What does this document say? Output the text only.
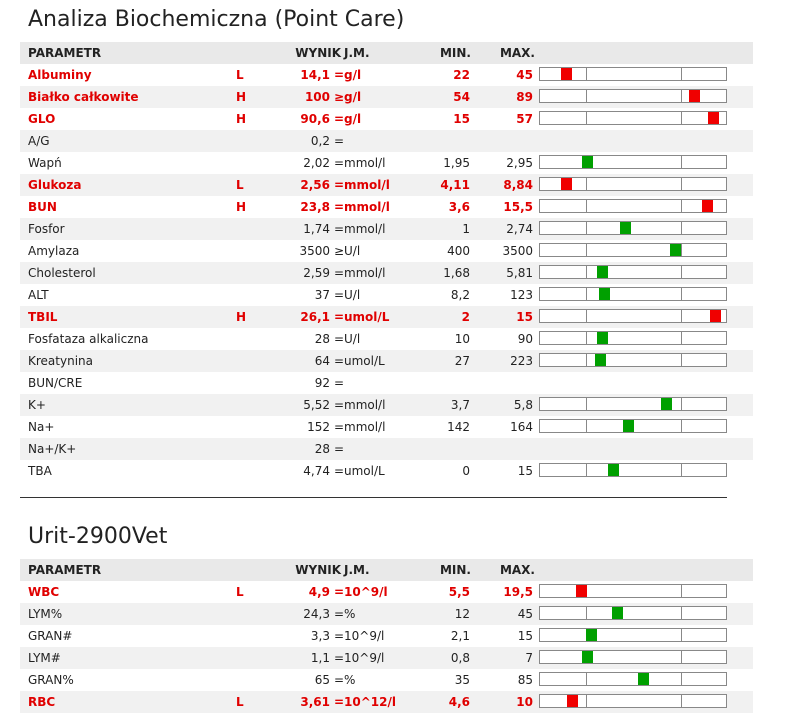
Analiza Biochemiczna (Point Care)
PARAMETR	WYNIK J.M.	MIN. MAX.
Albuminy	L	14,1 = g/l	22	45
Białko całkowite	H	100 ≥ g/l	54	89
GLO	H	90,6 = g/l	15	57
A/G	0,2 =
Wapń	2,02 = mmol/l	1,95	2,95
Glukoza	L	2,56 = mmol/l	4,11	8,84
BUN	H	23,8 = mmol/l	3,6	15,5
Fosfor	1,74 = mmol/l	1	2,74
Amylaza	3500 ≥ U/l	400	3500
Cholesterol	2,59 = mmol/l	1,68	5,81
ALT	37 = U/l	8,2	123
TBIL	H	26,1 = umol/L	2	15
Fosfataza alkaliczna	28 = U/l	10	90
Kreatynina	64 = umol/L	27	223
BUN/CRE	92 =
K+	5,52 = mmol/l	3,7	5,8
Na+	152 = mmol/l	142	164
Na+/K+	28 =
TBA	4,74 = umol/L	0	15
Urit-2900Vet
PARAMETR	WYNIK J.M.	MIN. MAX.
WBC	L	4,9 = 10^9/l	5,5	19,5
LYM%	24,3 = %	12	45
GRAN#	3,3 = 10^9/l	2,1	15
LYM#	1,1 = 10^9/l	0,8	7
GRAN%	65 = %	35	85
RBC	L	3,61 = 10^12/l	4,6	10
